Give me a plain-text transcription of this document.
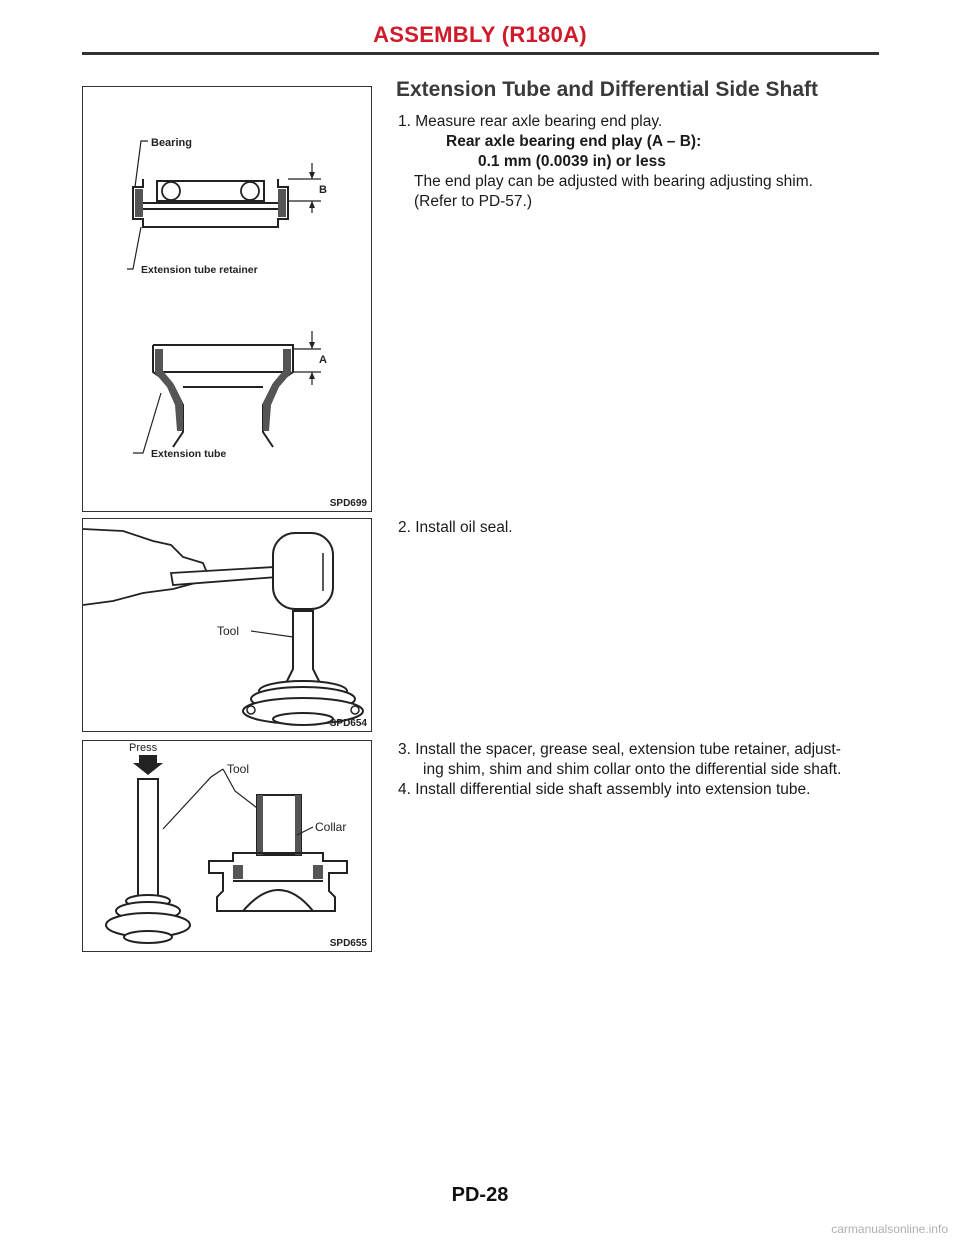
ASSEMBLY (R180A)
Extension Tube and Differential Side Shaft
1. Measure rear axle bearing end play.
Rear axle bearing end play (A – B):
0.1 mm (0.0039 in) or less
The end play can be adjusted with bearing adjusting shim.
(Refer to PD-57.)
2. Install oil seal.
3. Install the spacer, grease seal, extension tube retainer, adjust-
ing shim, shim and shim collar onto the differential side shaft.
4. Install differential side shaft assembly into extension tube.
Bearing
B
Extension tube retainer
A
Extension tube
SPD699
Tool
SPD654
Press
Tool
Collar
SPD655
PD-28
carmanualsonline.info
